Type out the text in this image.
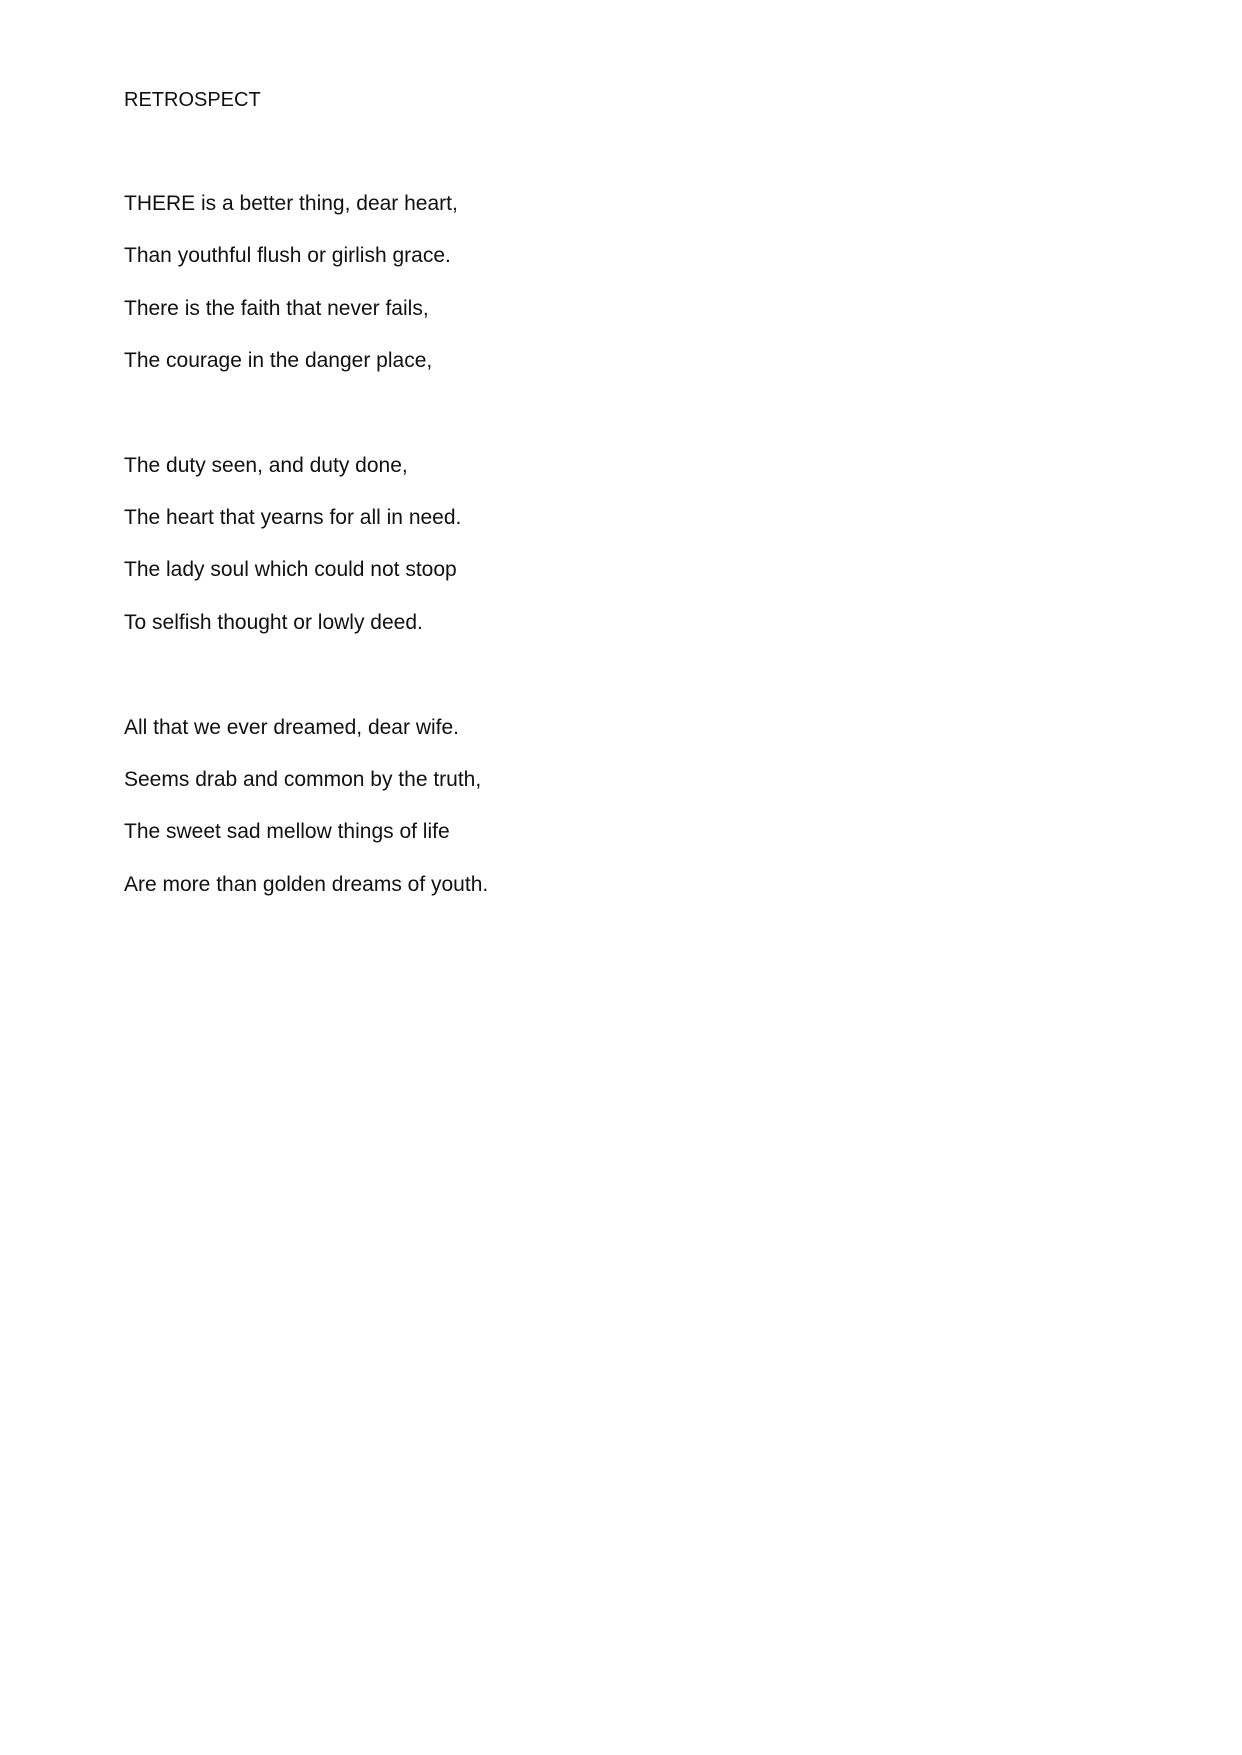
RETROSPECT

THERE is a better thing, dear heart,

Than youthful flush or girlish grace.

There is the faith that never fails,

The courage in the danger place,

The duty seen, and duty done,

The heart that yearns for all in need.

The lady soul which could not stoop

To selfish thought or lowly deed.

All that we ever dreamed, dear wife.

Seems drab and common by the truth,

The sweet sad mellow things of life

Are more than golden dreams of youth.
